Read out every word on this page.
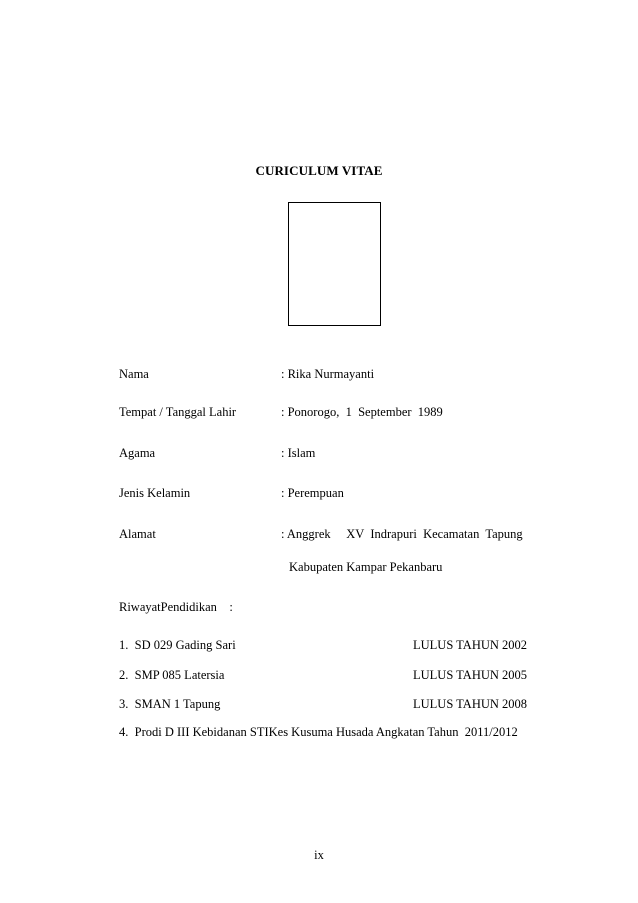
CURICULUM VITAE
Nama	: Rika Nurmayanti
Tempat / Tanggal Lahir	: Ponorogo,  1  September  1989
Agama	: Islam
Jenis Kelamin	: Perempuan
Alamat	: Anggrek     XV  Indrapuri  Kecamatan  Tapung
Kabupaten Kampar Pekanbaru
RiwayatPendidikan    :
1.  SD 029 Gading Sari	LULUS TAHUN 2002
2.  SMP 085 Latersia	LULUS TAHUN 2005
3.  SMAN 1 Tapung	LULUS TAHUN 2008
4.  Prodi D III Kebidanan STIKes Kusuma Husada Angkatan Tahun  2011/2012
ix
